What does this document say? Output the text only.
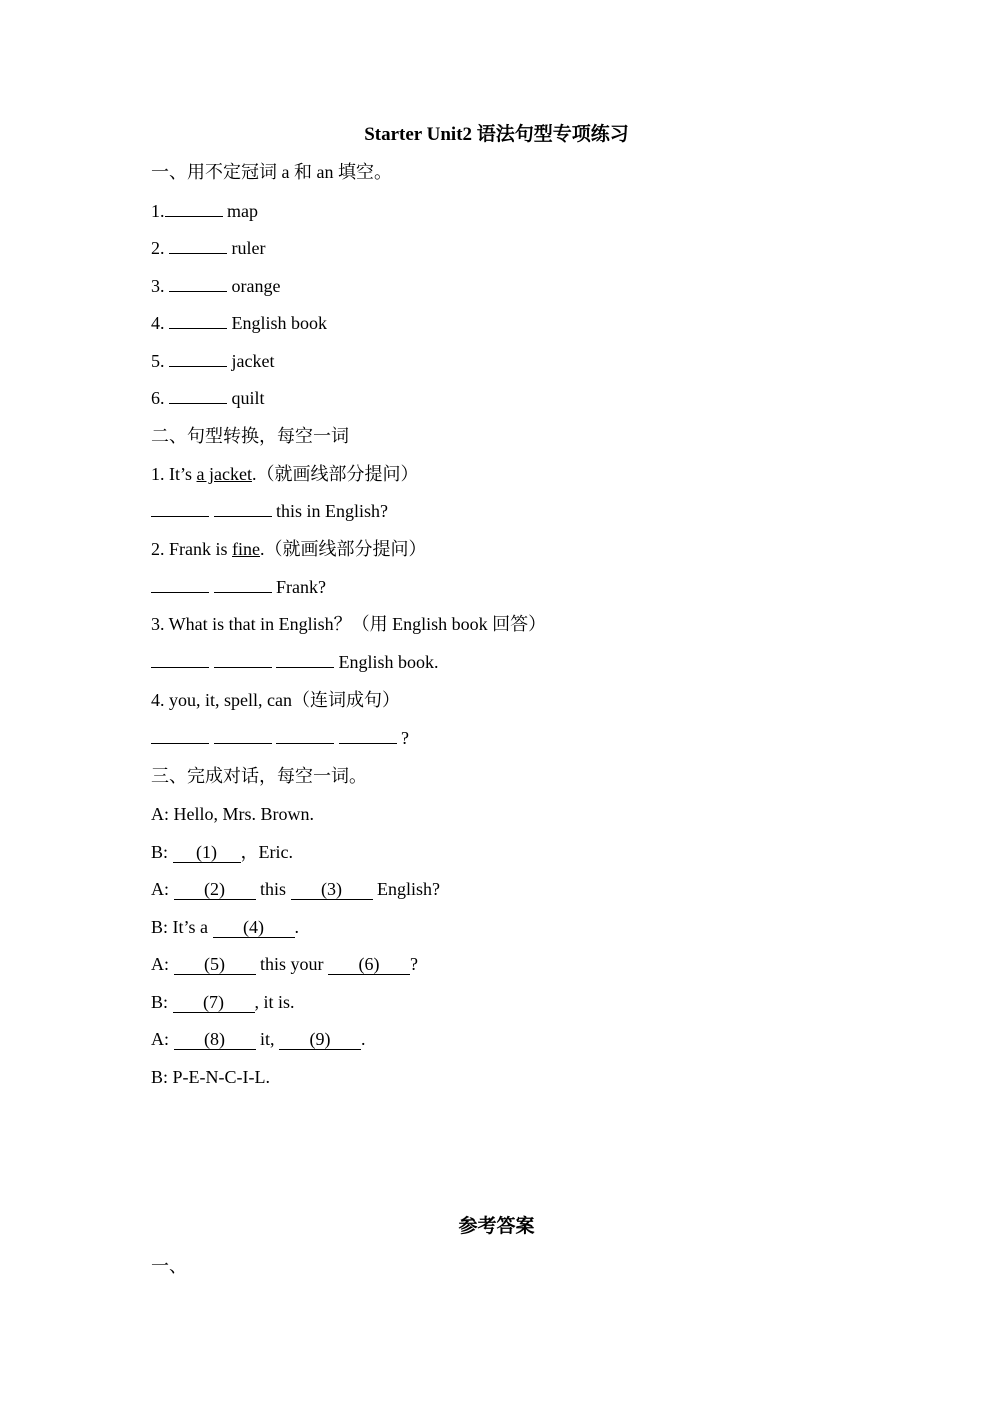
Starter Unit2 语法句型专项练习
一、用不定冠词 a 和 an 填空。
1.	map
2.	ruler
3.	orange
4.	English book
5.	jacket
6.	quilt
二、句型转换，每空一词
1. It’s a jacket.（就画线部分提问）
this in English?
2. Frank is fine.（就画线部分提问）
Frank?
3. What is that in English？（用 English book 回答）
English book.
4. you, it, spell, can（连词成句）
?
三、完成对话，每空一词。
A: Hello, Mrs. Brown.
B: (1) ，Eric.
A: (2) this (3) English?
B: It’s a (4) .
A: (5) this your (6) ?
B: (7) , it is.
A: (8) it, (9) .
B: P-E-N-C-I-L.
参考答案
一、
